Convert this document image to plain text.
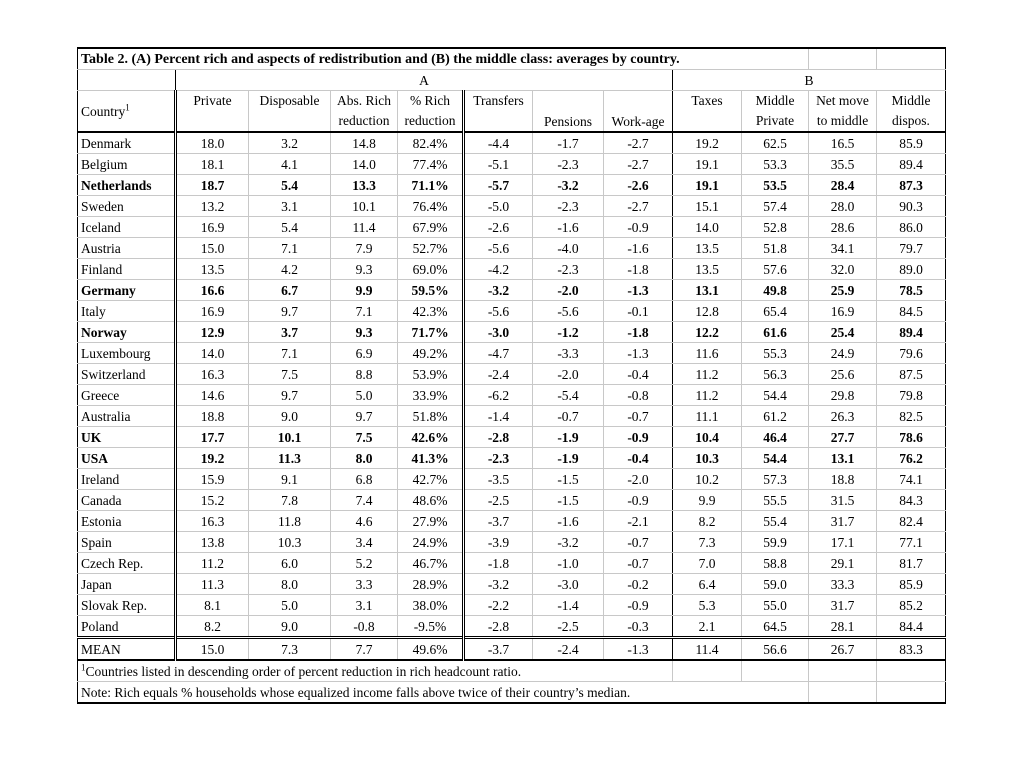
Table 2. (A) Percent rich and aspects of redistribution and (B) the middle class: averages by country.											
	A							B			
Country$^1$	Private	Disposable	Abs. Rich	% Rich	Transfers	Pensions	Work-age	Taxes	Middle	Net move	Middle
			reduction	reduction					Private	to middle	dispos.
Denmark	18.0	3.2	14.8	82.4%	-4.4	-1.7	-2.7	19.2	62.5	16.5	85.9
Belgium	18.1	4.1	14.0	77.4%	-5.1	-2.3	-2.7	19.1	53.3	35.5	89.4
Netherlands	18.7	5.4	13.3	71.1%	-5.7	-3.2	-2.6	19.1	53.5	28.4	87.3
Sweden	13.2	3.1	10.1	76.4%	-5.0	-2.3	-2.7	15.1	57.4	28.0	90.3
Iceland	16.9	5.4	11.4	67.9%	-2.6	-1.6	-0.9	14.0	52.8	28.6	86.0
Austria	15.0	7.1	7.9	52.7%	-5.6	-4.0	-1.6	13.5	51.8	34.1	79.7
Finland	13.5	4.2	9.3	69.0%	-4.2	-2.3	-1.8	13.5	57.6	32.0	89.0
Germany	16.6	6.7	9.9	59.5%	-3.2	-2.0	-1.3	13.1	49.8	25.9	78.5
Italy	16.9	9.7	7.1	42.3%	-5.6	-5.6	-0.1	12.8	65.4	16.9	84.5
Norway	12.9	3.7	9.3	71.7%	-3.0	-1.2	-1.8	12.2	61.6	25.4	89.4
Luxembourg	14.0	7.1	6.9	49.2%	-4.7	-3.3	-1.3	11.6	55.3	24.9	79.6
Switzerland	16.3	7.5	8.8	53.9%	-2.4	-2.0	-0.4	11.2	56.3	25.6	87.5
Greece	14.6	9.7	5.0	33.9%	-6.2	-5.4	-0.8	11.2	54.4	29.8	79.8
Australia	18.8	9.0	9.7	51.8%	-1.4	-0.7	-0.7	11.1	61.2	26.3	82.5
UK	17.7	10.1	7.5	42.6%	-2.8	-1.9	-0.9	10.4	46.4	27.7	78.6
USA	19.2	11.3	8.0	41.3%	-2.3	-1.9	-0.4	10.3	54.4	13.1	76.2
Ireland	15.9	9.1	6.8	42.7%	-3.5	-1.5	-2.0	10.2	57.3	18.8	74.1
Canada	15.2	7.8	7.4	48.6%	-2.5	-1.5	-0.9	9.9	55.5	31.5	84.3
Estonia	16.3	11.8	4.6	27.9%	-3.7	-1.6	-2.1	8.2	55.4	31.7	82.4
Spain	13.8	10.3	3.4	24.9%	-3.9	-3.2	-0.7	7.3	59.9	17.1	77.1
Czech Rep.	11.2	6.0	5.2	46.7%	-1.8	-1.0	-0.7	7.0	58.8	29.1	81.7
Japan	11.3	8.0	3.3	28.9%	-3.2	-3.0	-0.2	6.4	59.0	33.3	85.9
Slovak Rep.	8.1	5.0	3.1	38.0%	-2.2	-1.4	-0.9	5.3	55.0	31.7	85.2
Poland	8.2	9.0	-0.8	-9.5%	-2.8	-2.5	-0.3	2.1	64.5	28.1	84.4
MEAN	15.0	7.3	7.7	49.6%	-3.7	-2.4	-1.3	11.4	56.6	26.7	83.3
$^1$Countries listed in descending order of percent reduction in rich headcount ratio.											
Note: Rich equals % households whose equalized income falls above twice of their country’s median.											
